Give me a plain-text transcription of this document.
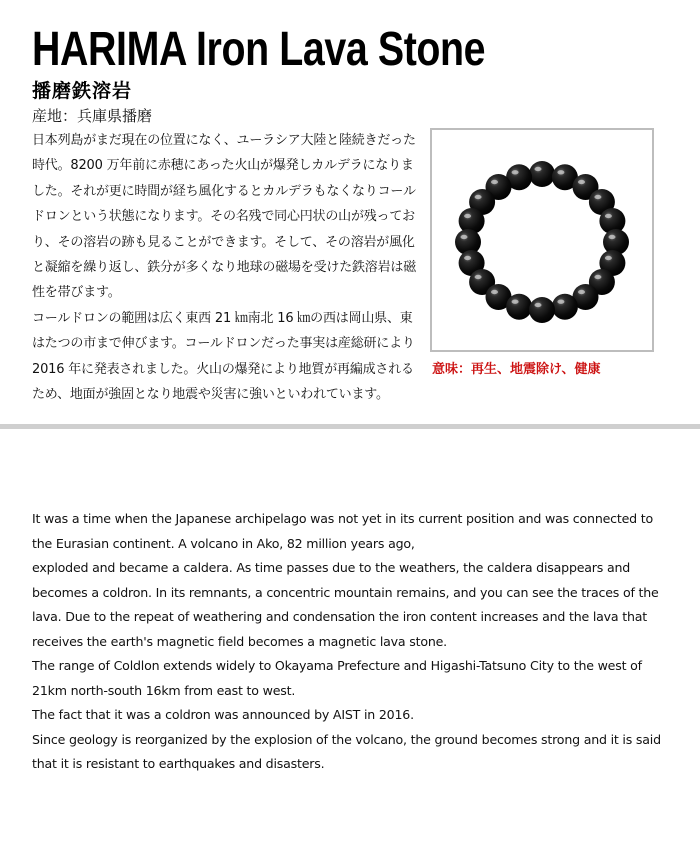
HARIMA Iron Lava Stone
播磨鉄溶岩
産地 ： 兵庫県播磨

日本列島がまだ現在の位置になく、ユーラシア大陸と陸続きだった時代。8200 万年前に赤穂にあった火山が爆発しカルデラになりました。それが更に時間が経ち風化するとカルデラもなくなりコールドロンという状態になります。その名残で同心円状の山が残っており、その溶岩の跡も見ることができます。そして、その溶岩が風化と凝縮を繰り返し、鉄分が多くなり地球の磁場を受けた鉄溶岩は磁性を帯びます。

コールドロンの範囲は広く東西 21 ㎞南北 16 ㎞の西は岡山県、東はたつの市まで伸びます。コールドロンだった事実は産総研により 2016 年に発表されました。火山の爆発により地質が再編成されるため、地面が強固となり地震や災害に強いといわれています。

意味：再生、地震除け、健康

It was a time when the Japanese archipelago was not yet in its current position and was connected to the Eurasian continent. A volcano in Ako, 82 million years ago,

exploded and became a caldera. As time passes due to the weathers, the caldera disappears and becomes a coldron. In its remnants, a concentric mountain remains, and you can see the traces of the lava. Due to the repeat of weathering and condensation the iron content increases and the lava that receives the earth's magnetic field becomes a magnetic lava stone.

The range of Coldlon extends widely to Okayama Prefecture and Higashi-Tatsuno City to the west of 21km north-south 16km from east to west.

The fact that it was a coldron was announced by AIST in 2016.

Since geology is reorganized by the explosion of the volcano, the ground becomes strong and it is said that it is resistant to earthquakes and disasters.
